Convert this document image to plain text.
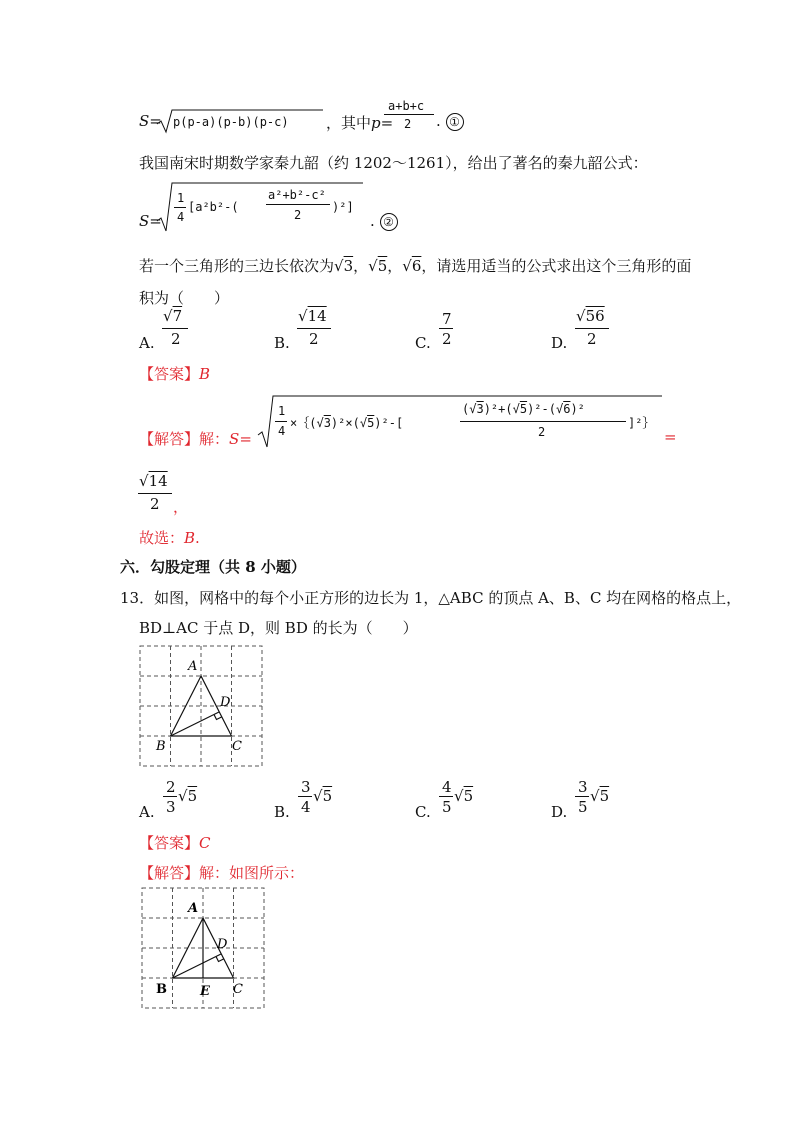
S= p(p-a)(p-b)(p-c) ，其中p=
a+b+c
2 . ①
我国南宋时期数学家秦九韶（约 1202～1261），给出了著名的秦九韶公式：
S=
1
4
[a²b²-(
a²+b²-c²
2
)²]
. ②
若一个三角形的三边长依次为√3，√5，√6，请选用适当的公式求出这个三角形的面
积为（　　）
A.
√7
2	B.
√14
2	C.
7
2	D.
√56
2
【答案】B
【解答】解：S=
1
4
×｛(√3)²×(√5)²-[
(√3)²+(√5)²-(√6)²
2
]²｝
=
√14
2 ，
故选：B.
六．勾股定理（共 8 小题）
13．如图，网格中的每个小正方形的边长为 1，△ABC 的顶点 A、B、C 均在网格的格点上，
BD⊥AC 于点 D，则 BD 的长为（　　）
A
B	C
D
A.
2
3
√5
B.
3
4
√5
C.
4
5
√5
D.
3
5
√5
【答案】C
【解答】解：如图所示：
A
B	C
D
E
